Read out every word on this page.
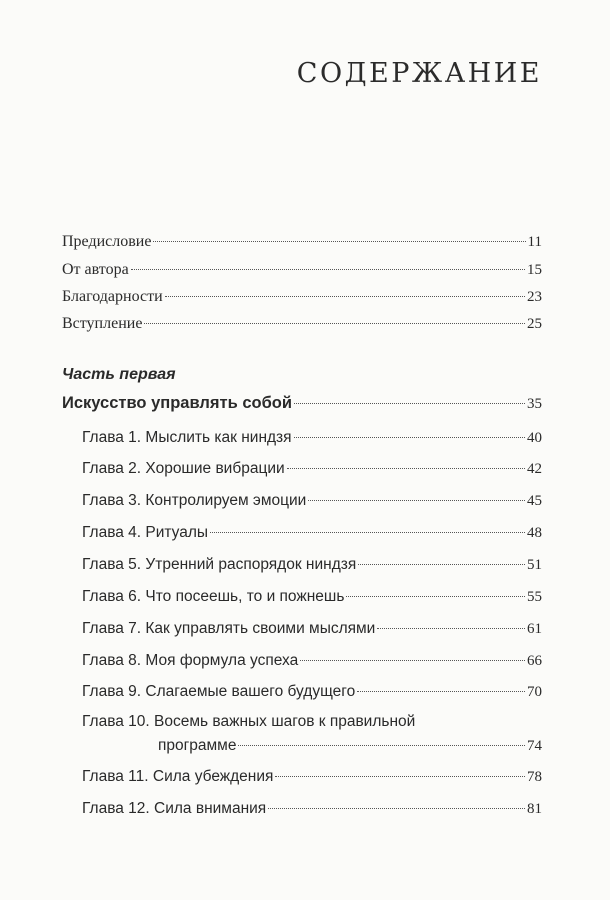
СОДЕРЖАНИЕ
Предисловие	11
От автора	15
Благодарности	23
Вступление	25
Часть первая
Искусство управлять собой	35
Глава 1. Мыслить как ниндзя	40
Глава 2. Хорошие вибрации	42
Глава 3. Контролируем эмоции	45
Глава 4. Ритуалы	48
Глава 5. Утренний распорядок ниндзя	51
Глава 6. Что посеешь, то и пожнешь	55
Глава 7. Как управлять своими мыслями	61
Глава 8. Моя формула успеха	66
Глава 9. Слагаемые вашего будущего	70
Глава 10. Восемь важных шагов к правильной
программе	74
Глава 11. Сила убеждения	78
Глава 12. Сила внимания	81
